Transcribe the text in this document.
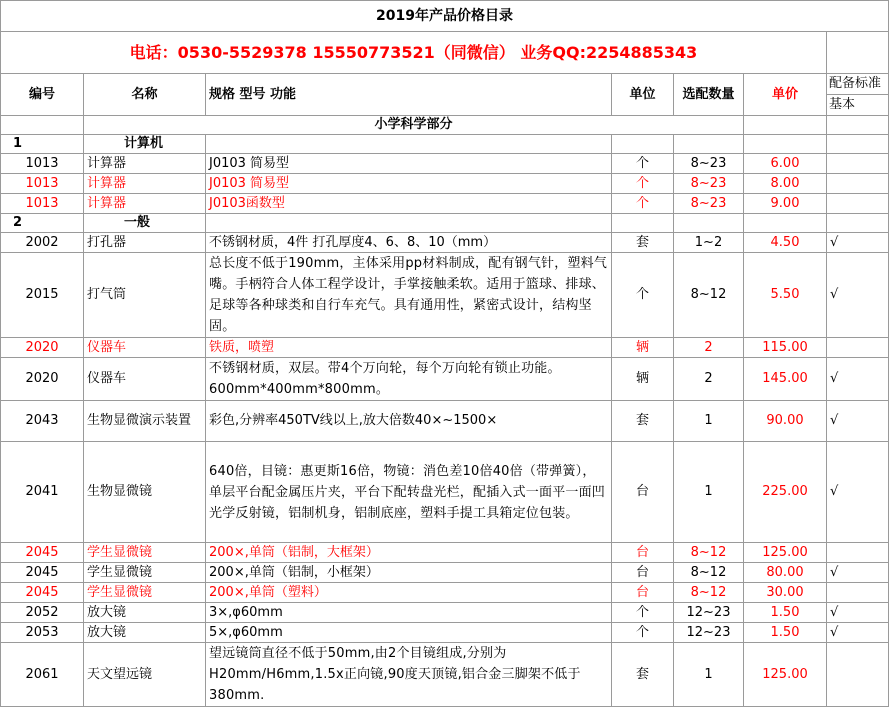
2019年产品价格目录						
电话：0530-5529378 15550773521（同微信） 业务QQ:2254885343						
编号	名称	规格 型号 功能	单位	选配数量	单价	配备标准
基本

	小学科学部分					
1	计算机					
1013	计算器	J0103 简易型	个	8~23	6.00	
1013	计算器	J0103 简易型	个	8~23	8.00	
1013	计算器	J0103函数型	个	8~23	9.00	
2	一般					
2002	打孔器	不锈钢材质，4件 打孔厚度4、6、8、10（mm）	套	1~2	4.50	√
2015	打气筒	总长度不低于190mm，主体采用pp材料制成，配有钢气针，塑料气嘴。手柄符合人体工程学设计，手掌接触柔软。适用于篮球、排球、足球等各种球类和自行车充气。具有通用性，紧密式设计，结构坚固。	个	8~12	5.50	√
2020	仪器车	铁质，喷塑	辆	2	115.00	
2020	仪器车	不锈钢材质，双层。带4个万向轮，每个万向轮有锁止功能。600mm*400mm*800mm。	辆	2	145.00	√
2043	生物显微演示装置	彩色,分辨率450TV线以上,放大倍数40×~1500×	套	1	90.00	√
2041	生物显微镜	640倍，目镜：惠更斯16倍，物镜：消色差10倍40倍（带弹簧），单层平台配金属压片夹，平台下配转盘光栏，配插入式一面平一面凹光学反射镜，铝制机身，铝制底座，塑料手提工具箱定位包装。	台	1	225.00	√
2045	学生显微镜	200×,单筒（铝制，大框架）	台	8~12	125.00	
2045	学生显微镜	200×,单筒（铝制，小框架）	台	8~12	80.00	√
2045	学生显微镜	200×,单筒（塑料）	台	8~12	30.00	
2052	放大镜	3×,φ60mm	个	12~23	1.50	√
2053	放大镜	5×,φ60mm	个	12~23	1.50	√
2061	天文望远镜	望远镜筒直径不低于50mm,由2个目镜组成,分别为H20mm/H6mm,1.5x正向镜,90度天顶镜,铝合金三脚架不低于380mm.	套	1	125.00	
